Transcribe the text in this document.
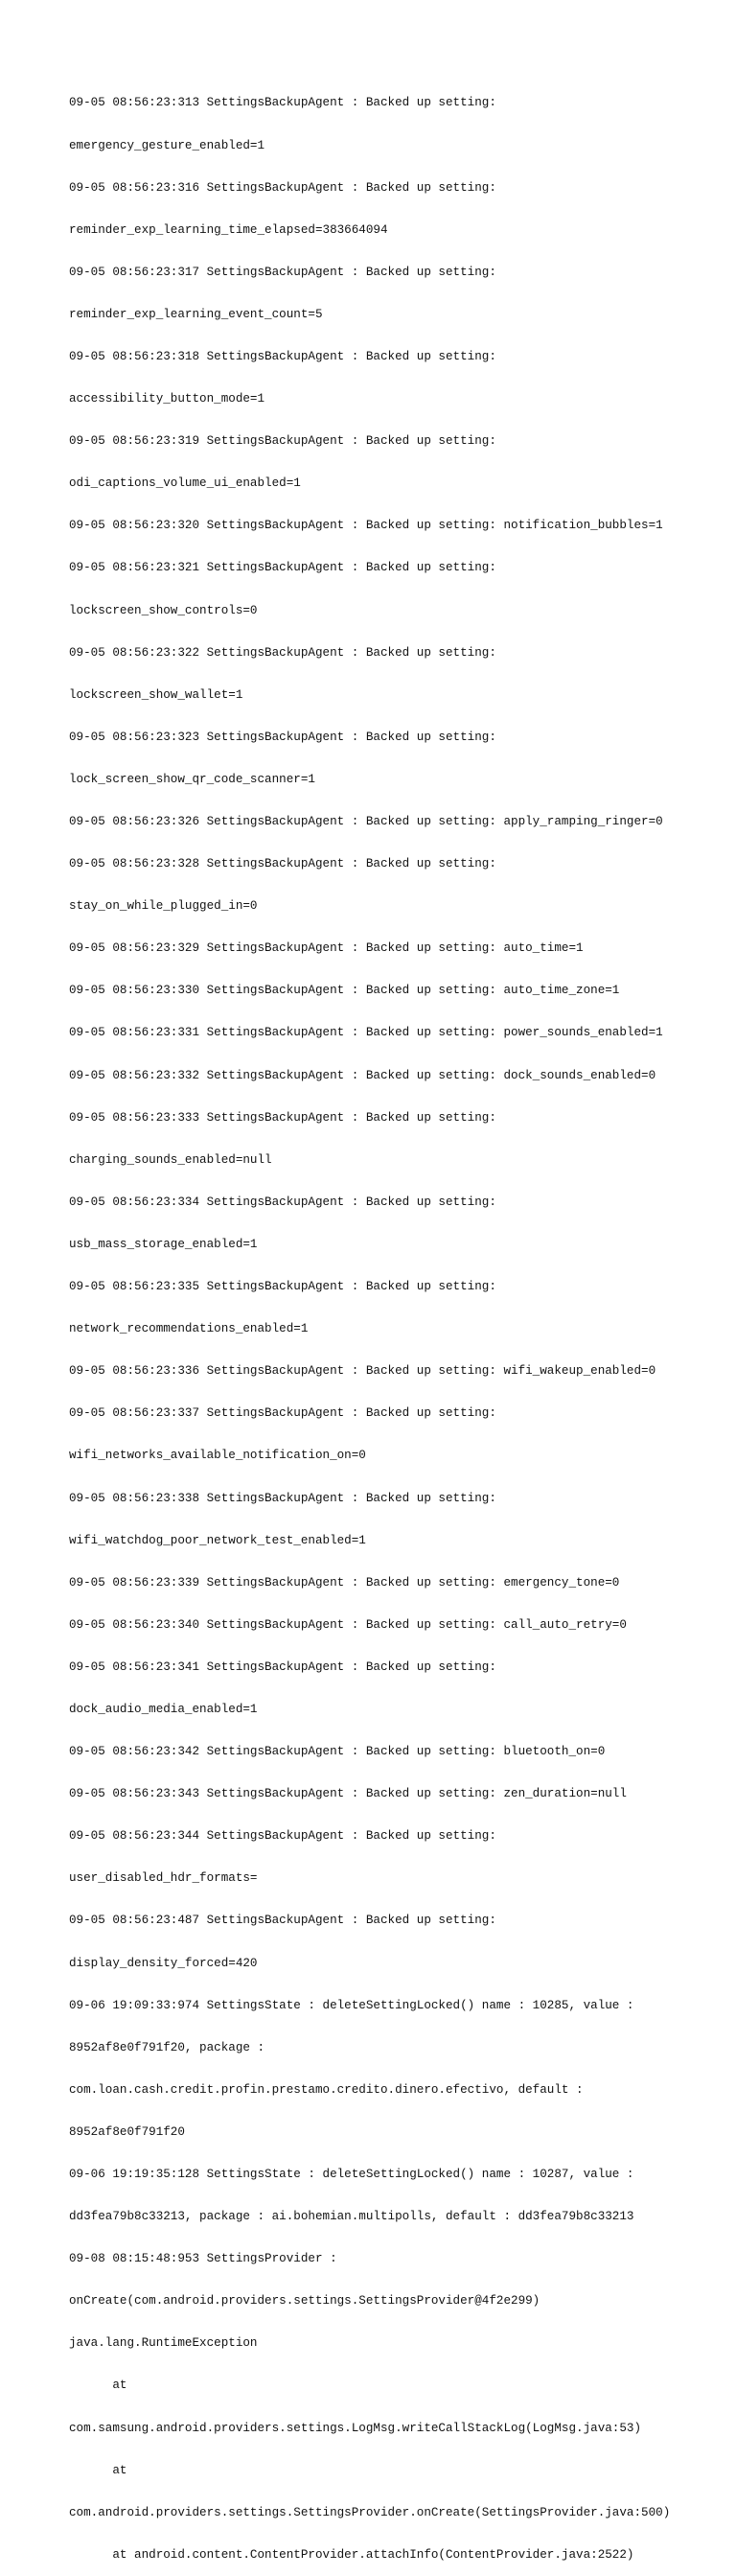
09-05 08:56:23:313 SettingsBackupAgent : Backed up setting:

emergency_gesture_enabled=1

09-05 08:56:23:316 SettingsBackupAgent : Backed up setting:

reminder_exp_learning_time_elapsed=383664094

09-05 08:56:23:317 SettingsBackupAgent : Backed up setting:

reminder_exp_learning_event_count=5

09-05 08:56:23:318 SettingsBackupAgent : Backed up setting:

accessibility_button_mode=1

09-05 08:56:23:319 SettingsBackupAgent : Backed up setting:

odi_captions_volume_ui_enabled=1

09-05 08:56:23:320 SettingsBackupAgent : Backed up setting: notification_bubbles=1

09-05 08:56:23:321 SettingsBackupAgent : Backed up setting:

lockscreen_show_controls=0

09-05 08:56:23:322 SettingsBackupAgent : Backed up setting:

lockscreen_show_wallet=1

09-05 08:56:23:323 SettingsBackupAgent : Backed up setting:

lock_screen_show_qr_code_scanner=1

09-05 08:56:23:326 SettingsBackupAgent : Backed up setting: apply_ramping_ringer=0

09-05 08:56:23:328 SettingsBackupAgent : Backed up setting:

stay_on_while_plugged_in=0

09-05 08:56:23:329 SettingsBackupAgent : Backed up setting: auto_time=1

09-05 08:56:23:330 SettingsBackupAgent : Backed up setting: auto_time_zone=1

09-05 08:56:23:331 SettingsBackupAgent : Backed up setting: power_sounds_enabled=1

09-05 08:56:23:332 SettingsBackupAgent : Backed up setting: dock_sounds_enabled=0

09-05 08:56:23:333 SettingsBackupAgent : Backed up setting:

charging_sounds_enabled=null

09-05 08:56:23:334 SettingsBackupAgent : Backed up setting:

usb_mass_storage_enabled=1

09-05 08:56:23:335 SettingsBackupAgent : Backed up setting:

network_recommendations_enabled=1

09-05 08:56:23:336 SettingsBackupAgent : Backed up setting: wifi_wakeup_enabled=0

09-05 08:56:23:337 SettingsBackupAgent : Backed up setting:

wifi_networks_available_notification_on=0

09-05 08:56:23:338 SettingsBackupAgent : Backed up setting:

wifi_watchdog_poor_network_test_enabled=1

09-05 08:56:23:339 SettingsBackupAgent : Backed up setting: emergency_tone=0

09-05 08:56:23:340 SettingsBackupAgent : Backed up setting: call_auto_retry=0

09-05 08:56:23:341 SettingsBackupAgent : Backed up setting:

dock_audio_media_enabled=1

09-05 08:56:23:342 SettingsBackupAgent : Backed up setting: bluetooth_on=0

09-05 08:56:23:343 SettingsBackupAgent : Backed up setting: zen_duration=null

09-05 08:56:23:344 SettingsBackupAgent : Backed up setting:

user_disabled_hdr_formats=

09-05 08:56:23:487 SettingsBackupAgent : Backed up setting:

display_density_forced=420

09-06 19:09:33:974 SettingsState : deleteSettingLocked() name : 10285, value :

8952af8e0f791f20, package :

com.loan.cash.credit.profin.prestamo.credito.dinero.efectivo, default :

8952af8e0f791f20

09-06 19:19:35:128 SettingsState : deleteSettingLocked() name : 10287, value :

dd3fea79b8c33213, package : ai.bohemian.multipolls, default : dd3fea79b8c33213

09-08 08:15:48:953 SettingsProvider :

onCreate(com.android.providers.settings.SettingsProvider@4f2e299)

java.lang.RuntimeException

at

com.samsung.android.providers.settings.LogMsg.writeCallStackLog(LogMsg.java:53)

at

com.android.providers.settings.SettingsProvider.onCreate(SettingsProvider.java:500)

at android.content.ContentProvider.attachInfo(ContentProvider.java:2522)
